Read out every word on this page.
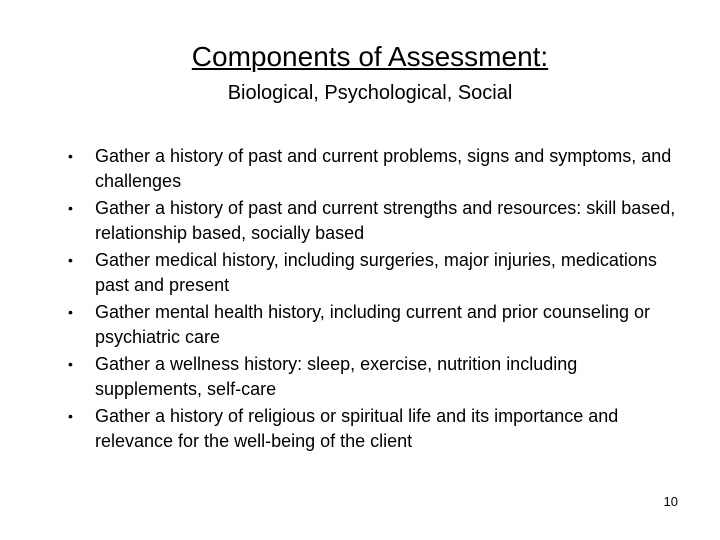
Components of Assessment:
Biological, Psychological, Social
• Gather a history of past and current problems, signs and symptoms, and challenges
• Gather a history of past and current strengths and resources: skill based, relationship based, socially based
• Gather medical history, including surgeries, major injuries, medications past and present
• Gather mental health history, including current and prior counseling or psychiatric care
• Gather a wellness history: sleep, exercise, nutrition including supplements, self-care
• Gather a history of religious or spiritual life and its importance and relevance for the well-being of the client
10
